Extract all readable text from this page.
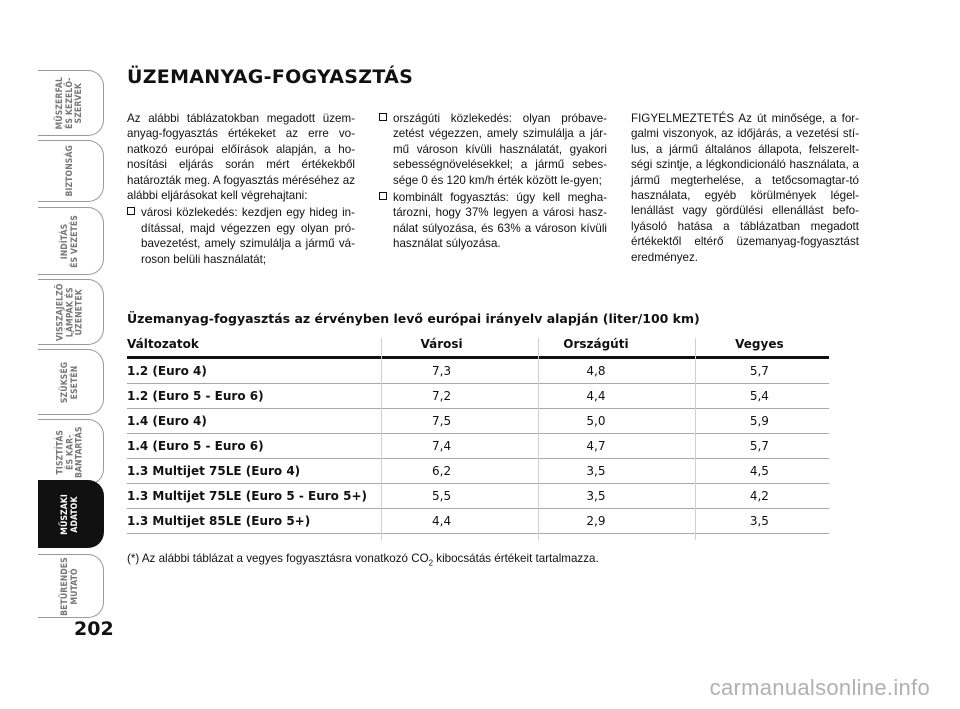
MŰSZERFAL
ÉS KEZELŐ-
SZERVEK
BIZTONSÁG
INDÍTÁS
ÉS VEZETÉS
VISSZAJELZŐ
LÁMPÁK ÉS
ÜZENETEK
SZÜKSÉG
ESETÉN
TISZTÍTÁS
ÉS KAR-
BANTARTÁS
MŰSZAKI
ADATOK
BETŰRENDES
MUTATÓ
202
ÜZEMANYAG-FOGYASZTÁS

Az alábbi táblázatokban megadott üzem-anyag-fogyasztás értékeket az erre vo-natkozó európai előírások alapján, a ho-nosítási eljárás során mért értékekből határozták meg. A fogyasztás méréséhez az alábbi eljárásokat kell végrehajtani:

városi közlekedés: kezdjen egy hideg in-dítással, majd végezzen egy olyan pró-bavezetést, amely szimulálja a jármű vá-roson belüli használatát;

országúti közlekedés: olyan próbave-zetést végezzen, amely szimulálja a jár-mű városon kívüli használatát, gyakori sebességnövelésekkel; a jármű sebes-sége 0 és 120 km/h érték között le-gyen;

kombinált fogyasztás: úgy kell megha-tározni, hogy 37% legyen a városi hasz-nálat súlyozása, és 63% a városon kívüli használat súlyozása.

FIGYELMEZTETÉS Az út minősége, a for-galmi viszonyok, az időjárás, a vezetési stí-lus, a jármű általános állapota, felszerelt-ségi szintje, a légkondicionáló használata, a jármű megterhelése, a tetőcsomagtar-tó használata, egyéb körülmények légel-lenállást vagy gördülési ellenállást befo-lyásoló hatása a táblázatban megadott értékektől eltérő üzemanyag-fogyasztást eredményez.

Üzemanyag-fogyasztás az érvényben levő európai irányelv alapján (liter/100 km)
Változatok	Városi	Országúti	Vegyes
1.2 (Euro 4)	7,3	4,8	5,7
1.2 (Euro 5 - Euro 6)	7,2	4,4	5,4
1.4 (Euro 4)	7,5	5,0	5,9
1.4 (Euro 5 - Euro 6)	7,4	4,7	5,7
1.3 Multijet 75LE (Euro 4)	6,2	3,5	4,5
1.3 Multijet 75LE (Euro 5 - Euro 5+)	5,5	3,5	4,2
1.3 Multijet 85LE (Euro 5+)	4,4	2,9	3,5
(*) Az alábbi táblázat a vegyes fogyasztásra vonatkozó $CO_2$ kibocsátás értékeit tartalmazza.
carmanualsonline.info
